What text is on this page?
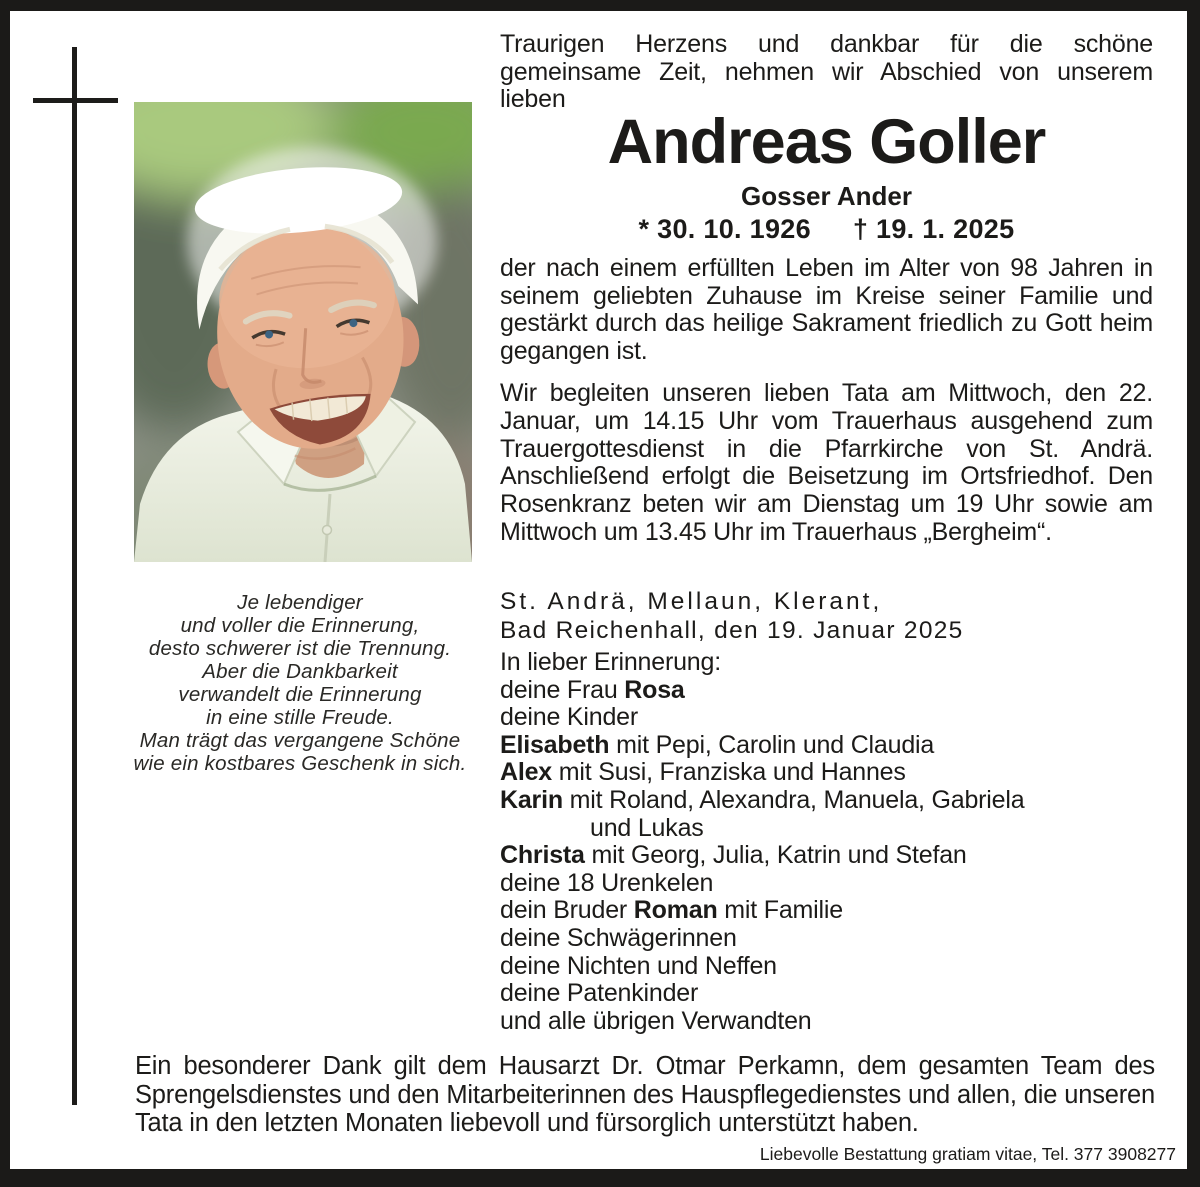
Je lebendiger
und voller die Erinnerung,
desto schwerer ist die Trennung.
Aber die Dankbarkeit
verwandelt die Erinnerung
in eine stille Freude.
Man trägt das vergangene Schöne
wie ein kostbares Geschenk in sich.

Traurigen Herzens und dankbar für die schöne gemeinsame Zeit, nehmen wir Abschied von unserem lieben

Andreas Goller
Gosser Ander
* 30. 10. 1926 † 19. 1. 2025

der nach einem erfüllten Leben im Alter von 98 Jahren in seinem geliebten Zuhause im Kreise seiner Familie und gestärkt durch das heilige Sakrament friedlich zu Gott heim gegangen ist.

Wir begleiten unseren lieben Tata am Mittwoch, den 22. Januar, um 14.15 Uhr vom Trauerhaus ausgehend zum Trauergottesdienst in die Pfarrkirche von St. Andrä. Anschließend erfolgt die Beisetzung im Ortsfriedhof. Den Rosenkranz beten wir am Dienstag um 19 Uhr sowie am Mittwoch um 13.45 Uhr im Trauerhaus „Bergheim“.

St. Andrä, Mellaun, Klerant,
Bad Reichenhall, den 19. Januar 2025
In lieber Erinnerung:
deine Frau Rosa
deine Kinder
Elisabeth mit Pepi, Carolin und Claudia
Alex mit Susi, Franziska und Hannes
Karin mit Roland, Alexandra, Manuela, Gabriela
und Lukas
Christa mit Georg, Julia, Katrin und Stefan
deine 18 Urenkelen
dein Bruder Roman mit Familie
deine Schwägerinnen
deine Nichten und Neffen
deine Patenkinder
und alle übrigen Verwandten

Ein besonderer Dank gilt dem Hausarzt Dr. Otmar Perkamn, dem gesamten Team des Sprengelsdienstes und den Mitarbeiterinnen des Hauspflegedienstes und allen, die unseren Tata in den letzten Monaten liebevoll und fürsorglich unterstützt haben.

Liebevolle Bestattung gratiam vitae, Tel. 377 3908277
